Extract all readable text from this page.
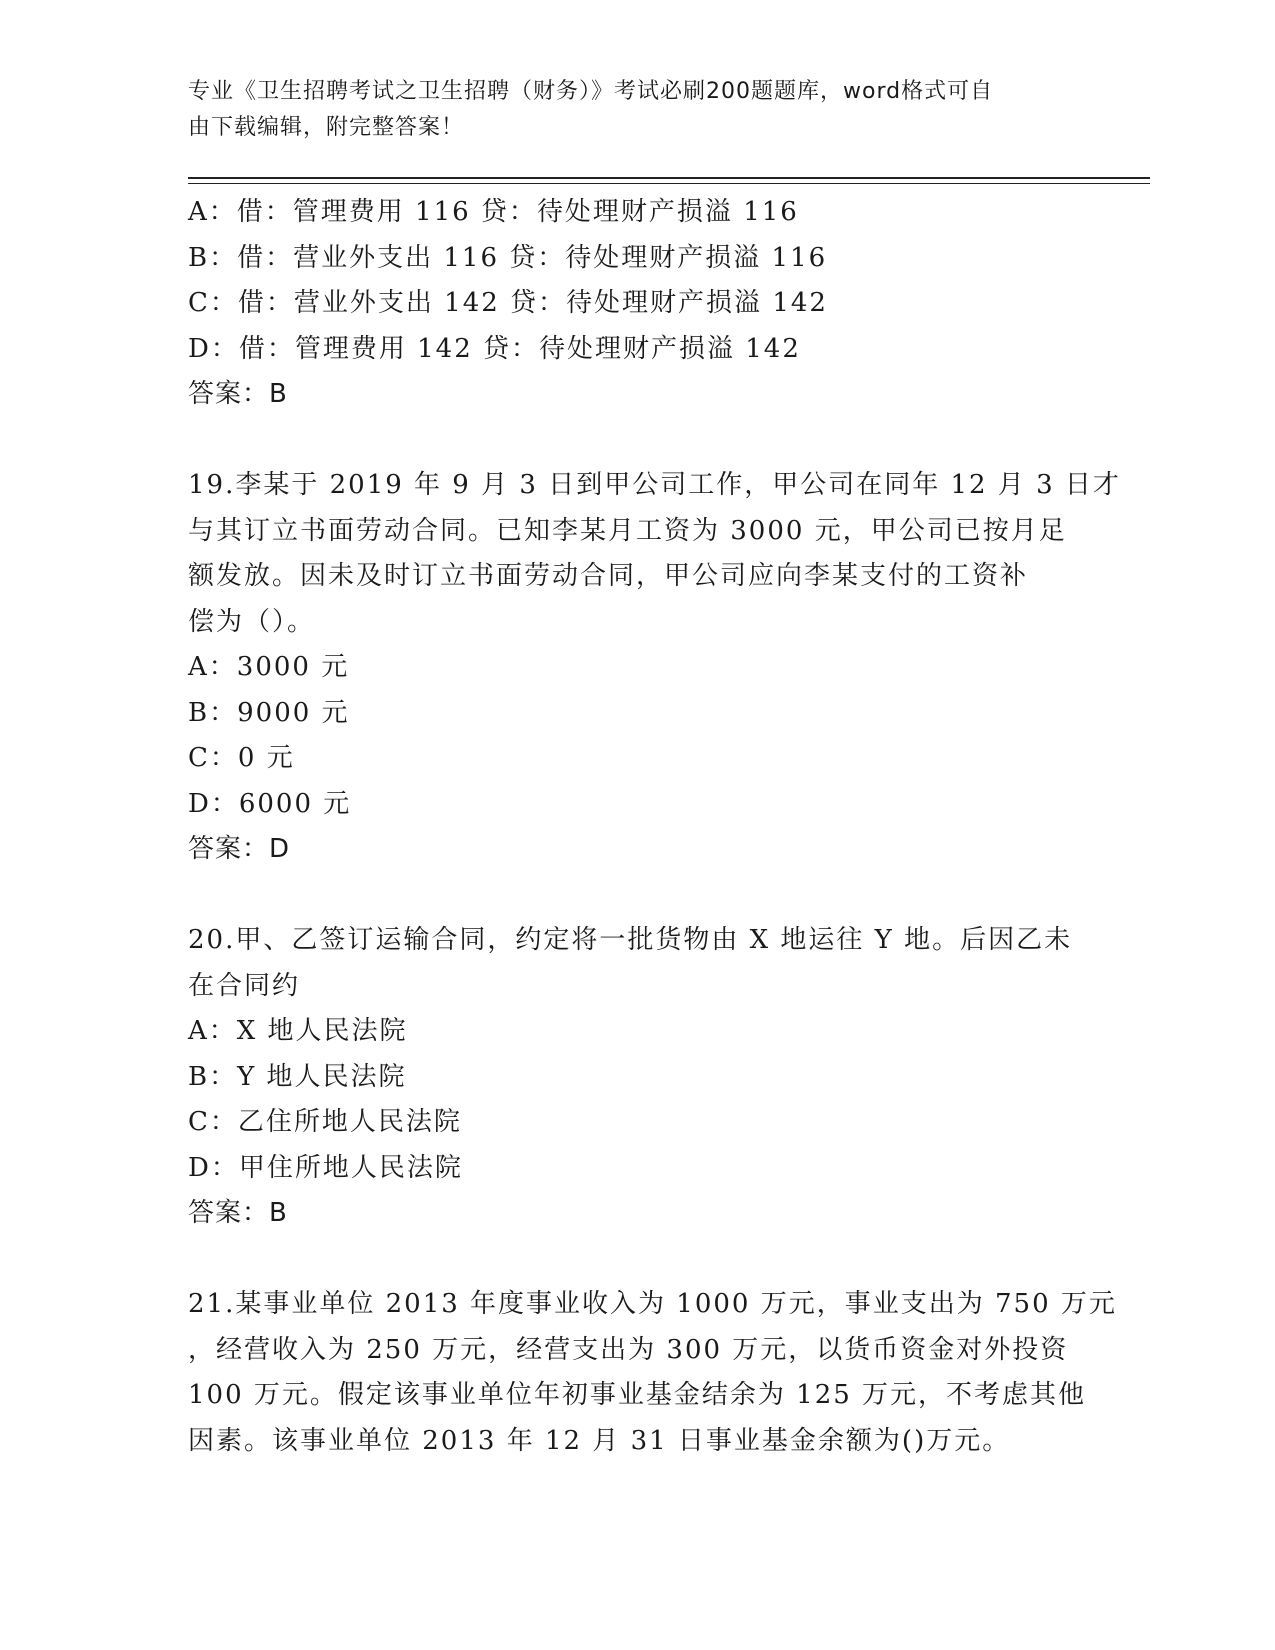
专业《卫生招聘考试之卫生招聘（财务）》考试必刷200题题库，word格式可自
由下载编辑，附完整答案！
A：借：管理费用 116 贷：待处理财产损溢 116
B：借：营业外支出 116 贷：待处理财产损溢 116
C：借：营业外支出 142 贷：待处理财产损溢 142
D：借：管理费用 142 贷：待处理财产损溢 142
答案：B
19.李某于 2019 年 9 月 3 日到甲公司工作，甲公司在同年 12 月 3 日才
与其订立书面劳动合同。已知李某月工资为 3000 元，甲公司已按月足
额发放。因未及时订立书面劳动合同，甲公司应向李某支付的工资补
偿为（）。
A：3000 元
B：9000 元
C：0 元
D：6000 元
答案：D
20.甲、乙签订运输合同，约定将一批货物由 X 地运往 Y 地。后因乙未
在合同约
A：X 地人民法院
B：Y 地人民法院
C：乙住所地人民法院
D：甲住所地人民法院
答案：B
21.某事业单位 2013 年度事业收入为 1000 万元，事业支出为 750 万元
，经营收入为 250 万元，经营支出为 300 万元，以货币资金对外投资
100 万元。假定该事业单位年初事业基金结余为 125 万元，不考虑其他
因素。该事业单位 2013 年 12 月 31 日事业基金余额为()万元。
